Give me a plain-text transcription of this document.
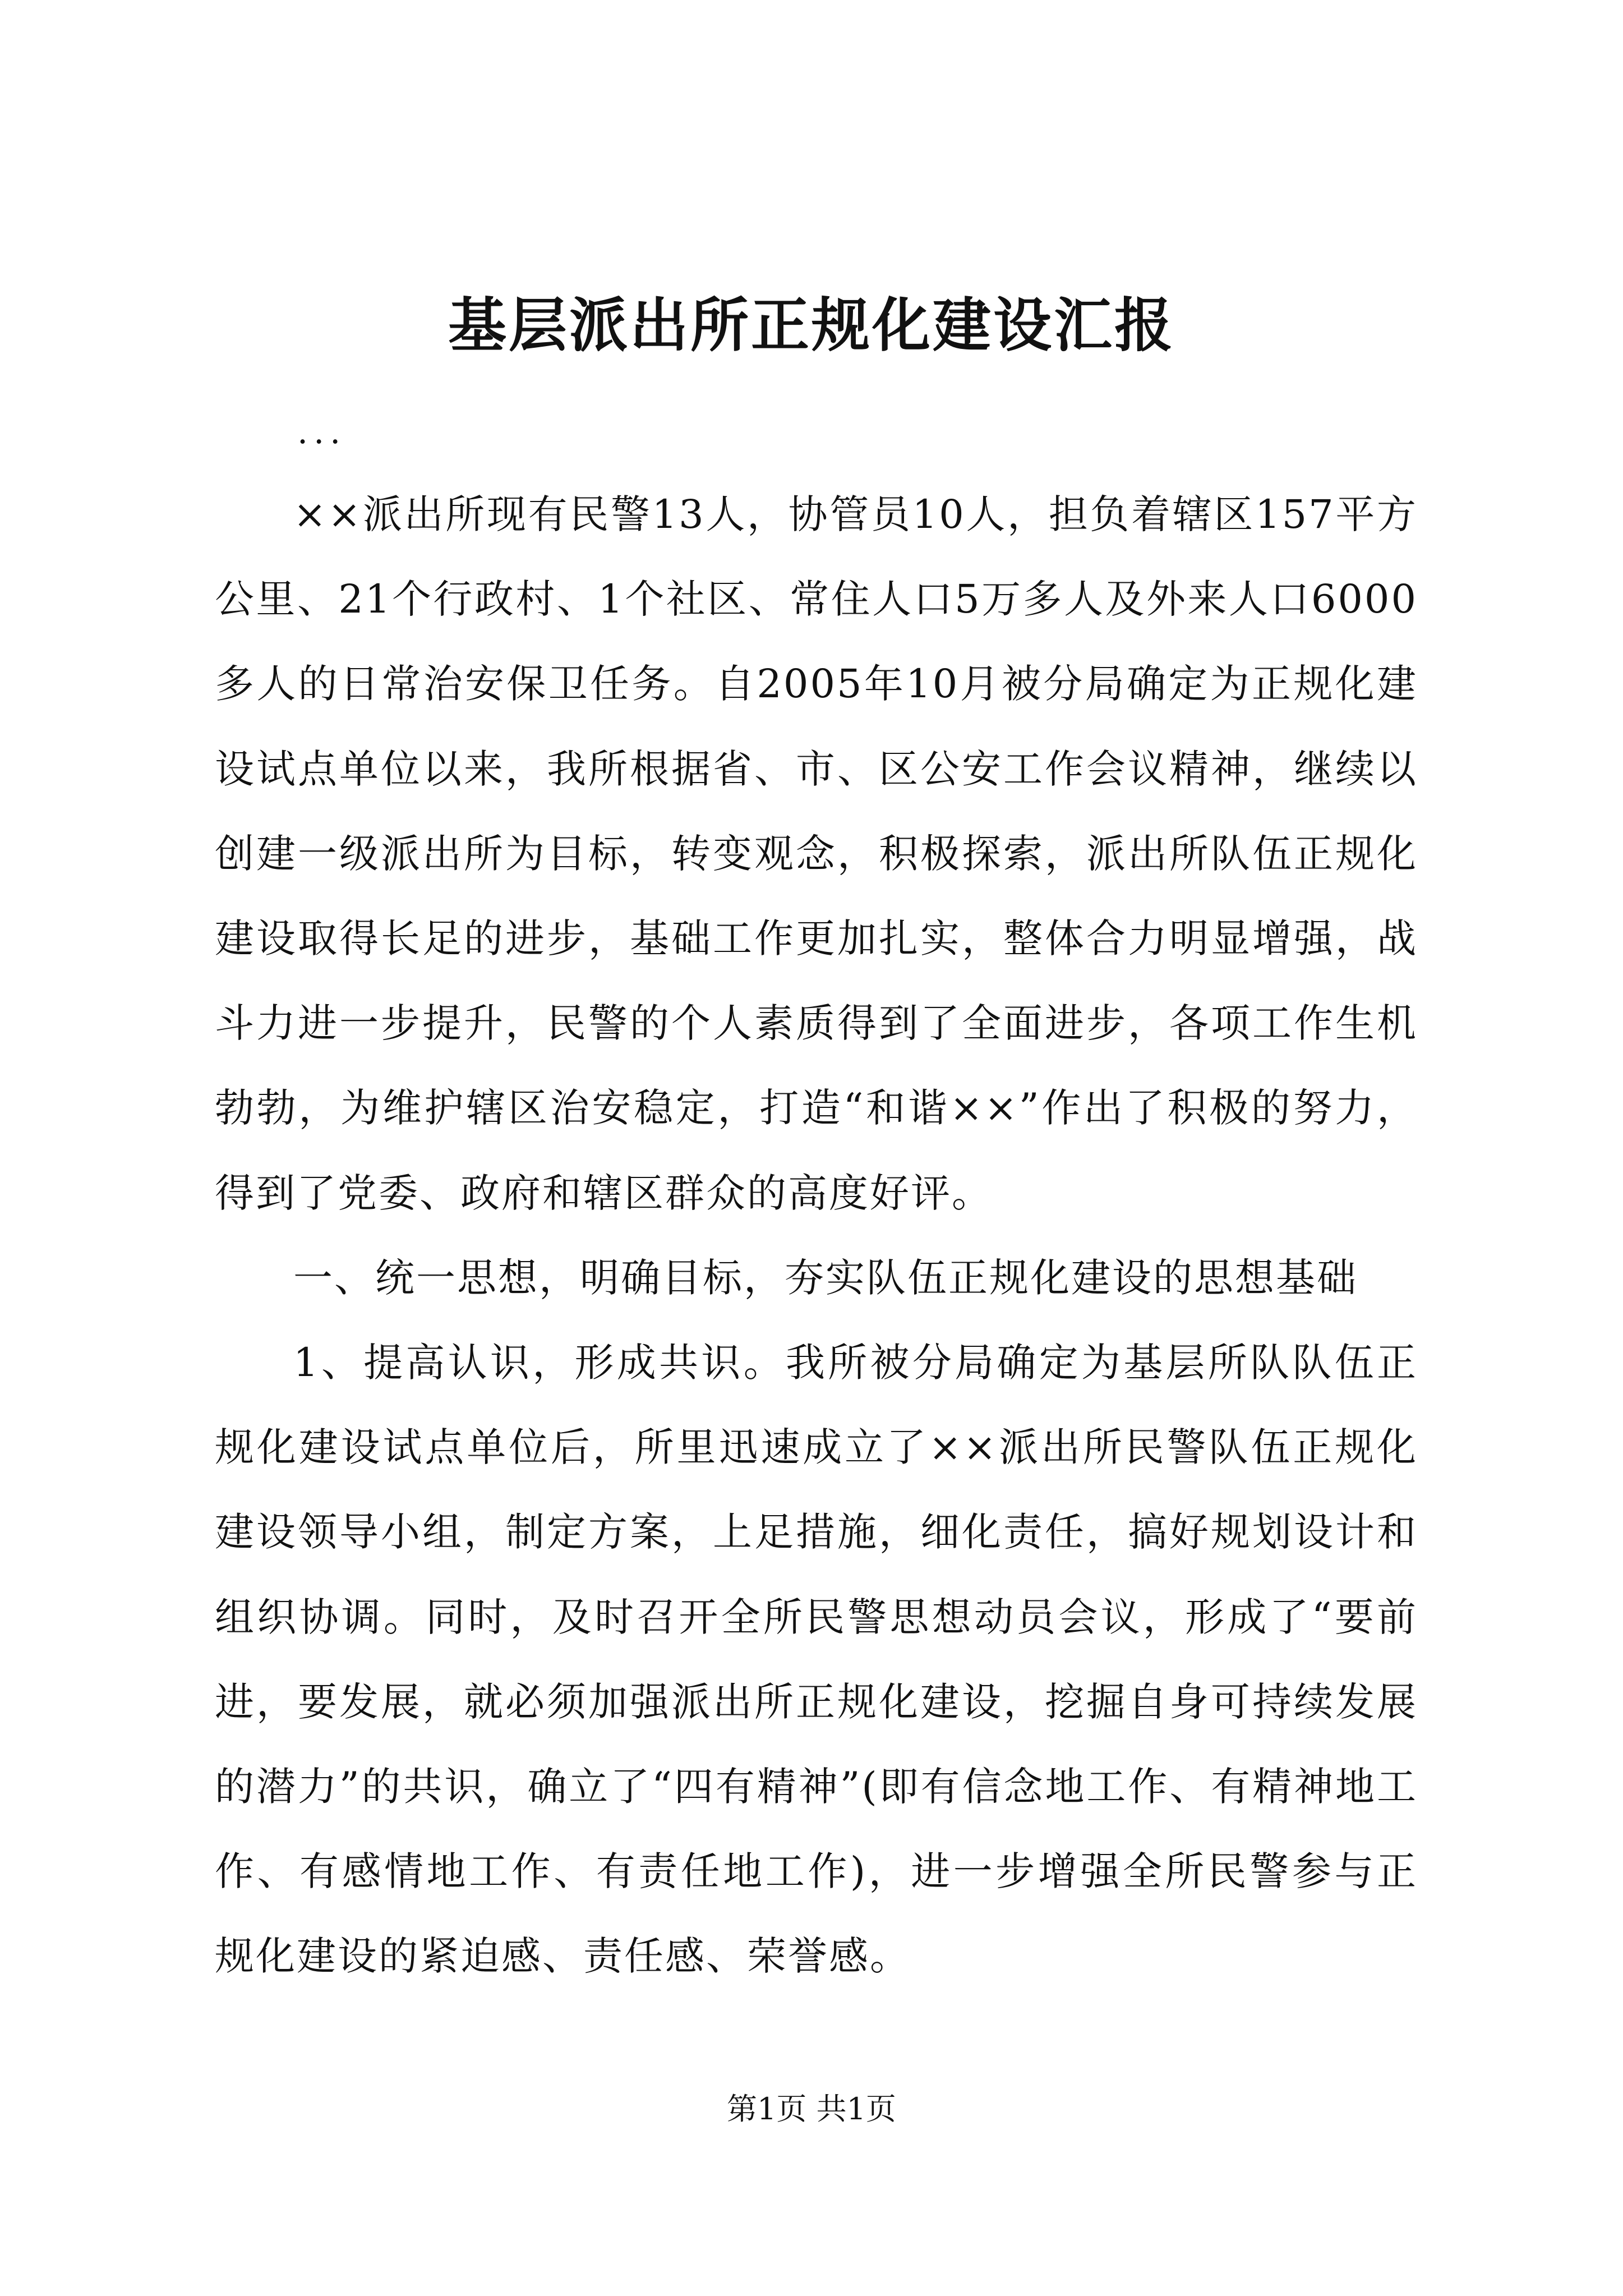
基层派出所正规化建设汇报

...

××派出所现有民警13人，协管员10人，担负着辖区157平方公里、21个行政村、1个社区、常住人口5万多人及外来人口6000多人的日常治安保卫任务。自2005年10月被分局确定为正规化建设试点单位以来，我所根据省、市、区公安工作会议精神，继续以创建一级派出所为目标，转变观念，积极探索，派出所队伍正规化建设取得长足的进步，基础工作更加扎实，整体合力明显增强，战斗力进一步提升，民警的个人素质得到了全面进步，各项工作生机勃勃，为维护辖区治安稳定，打造“和谐××”作出了积极的努力，得到了党委、政府和辖区群众的高度好评。

一、统一思想，明确目标，夯实队伍正规化建设的思想基础

1、提高认识，形成共识。我所被分局确定为基层所队队伍正规化建设试点单位后，所里迅速成立了××派出所民警队伍正规化建设领导小组，制定方案，上足措施，细化责任，搞好规划设计和组织协调。同时，及时召开全所民警思想动员会议，形成了“要前进，要发展，就必须加强派出所正规化建设，挖掘自身可持续发展的潜力”的共识，确立了“四有精神”(即有信念地工作、有精神地工作、有感情地工作、有责任地工作)，进一步增强全所民警参与正规化建设的紧迫感、责任感、荣誉感。

第1页 共1页
